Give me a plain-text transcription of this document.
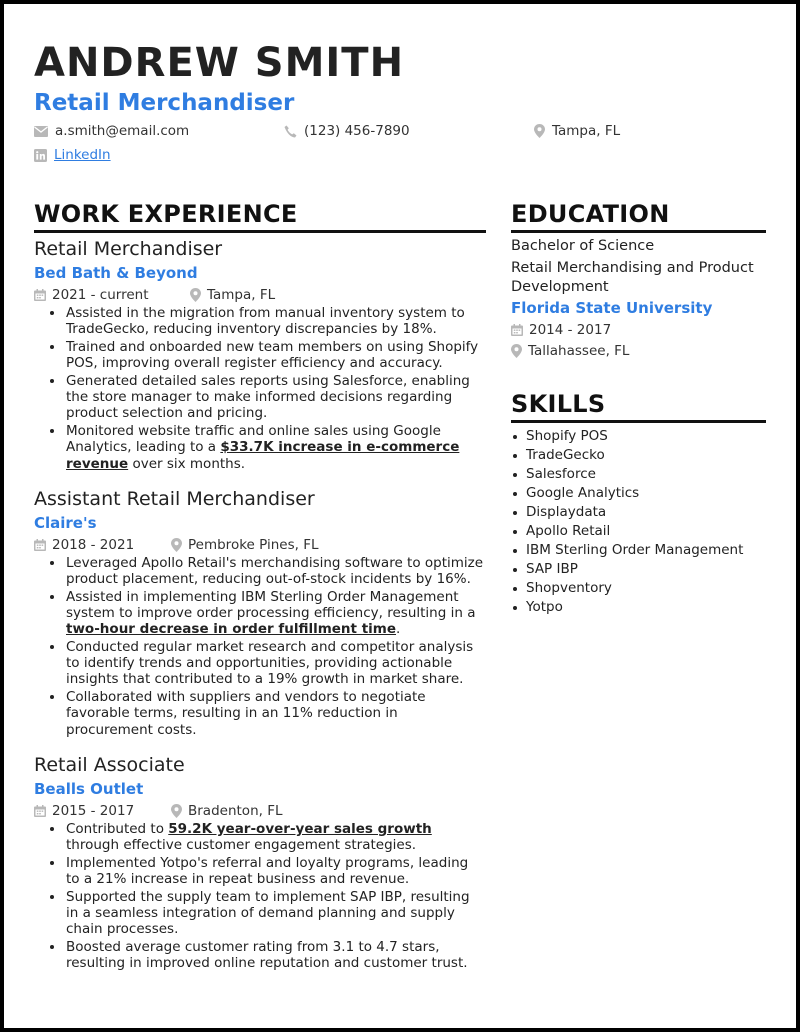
ANDREW SMITH
Retail Merchandiser
a.smith@email.com	(123) 456-7890	Tampa, FL
LinkedIn
WORK EXPERIENCE
Retail Merchandiser
Bed Bath & Beyond
2021 - current	Tampa, FL
Assisted in the migration from manual inventory system to TradeGecko, reducing inventory discrepancies by 18%.
Trained and onboarded new team members on using Shopify POS, improving overall register efficiency and accuracy.
Generated detailed sales reports using Salesforce, enabling the store manager to make informed decisions regarding product selection and pricing.
Monitored website traffic and online sales using Google Analytics, leading to a $33.7K increase in e-commerce revenue over six months.
Assistant Retail Merchandiser
Claire's
2018 - 2021	Pembroke Pines, FL
Leveraged Apollo Retail's merchandising software to optimize product placement, reducing out-of-stock incidents by 16%.
Assisted in implementing IBM Sterling Order Management system to improve order processing efficiency, resulting in a two-hour decrease in order fulfillment time.
Conducted regular market research and competitor analysis to identify trends and opportunities, providing actionable insights that contributed to a 19% growth in market share.
Collaborated with suppliers and vendors to negotiate favorable terms, resulting in an 11% reduction in procurement costs.
Retail Associate
Bealls Outlet
2015 - 2017	Bradenton, FL
Contributed to 59.2K year-over-year sales growth through effective customer engagement strategies.
Implemented Yotpo's referral and loyalty programs, leading to a 21% increase in repeat business and revenue.
Supported the supply team to implement SAP IBP, resulting in a seamless integration of demand planning and supply chain processes.
Boosted average customer rating from 3.1 to 4.7 stars, resulting in improved online reputation and customer trust.
EDUCATION
Bachelor of Science
Retail Merchandising and Product Development
Florida State University
2014 - 2017
Tallahassee, FL
SKILLS
Shopify POS
TradeGecko
Salesforce
Google Analytics
Displaydata
Apollo Retail
IBM Sterling Order Management
SAP IBP
Shopventory
Yotpo
